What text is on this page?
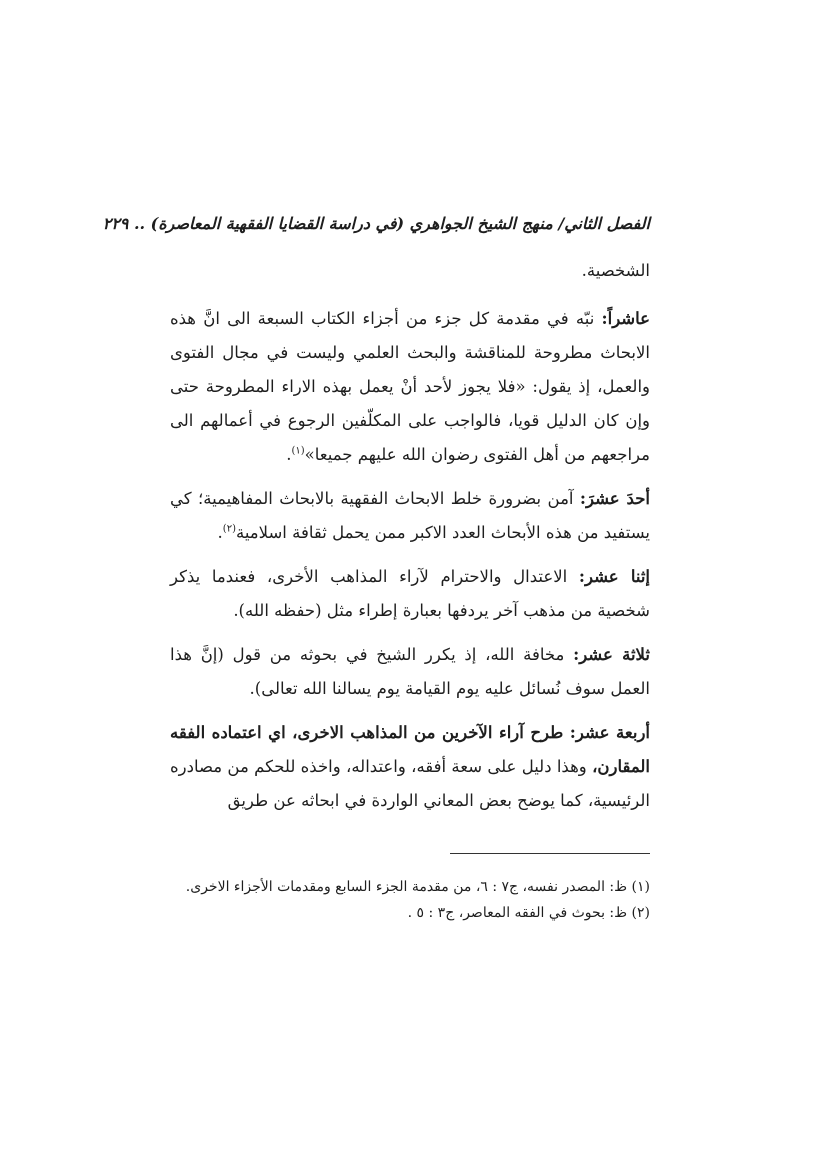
الفصل الثاني/ منهج الشيخ الجواهري (في دراسة القضايا الفقهية المعاصرة) .. ٢٢٩

الشخصية.

عاشراً: نبّه في مقدمة كل جزء من أجزاء الكتاب السبعة الى انَّ هذه الابحاث مطروحة للمناقشة والبحث العلمي وليست في مجال الفتوى والعمل، إذ يقول: «فلا يجوز لأحد أنْ يعمل بهذه الاراء المطروحة حتى وإن كان الدليل قويا، فالواجب على المكلّفين الرجوع في أعمالهم الى مراجعهم من أهل الفتوى رضوان الله عليهم جميعا»$^{(١)}$.

أحدَ عشرَ: آمن بضرورة خلط الابحاث الفقهية بالابحاث المفاهيمية؛ كي يستفيد من هذه الأبحاث العدد الاكبر ممن يحمل ثقافة اسلامية$^{(٢)}$.

إثنا عشر: الاعتدال والاحترام لآراء المذاهب الأخرى، فعندما يذكر شخصية من مذهب آخر يردفها بعبارة إطراء مثل (حفظه الله).

ثلاثة عشر: مخافة الله، إذ يكرر الشيخ في بحوثه من قول (إنَّ هذا العمل سوف نُسائل عليه يوم القيامة يوم يسالنا الله تعالى).

أربعة عشر: طرح آراء الآخرين من المذاهب الاخرى، اي اعتماده الفقه المقارن، وهذا دليل على سعة أفقه، واعتداله، واخذه للحكم من مصادره الرئيسية، كما يوضح بعض المعاني الواردة في ابحاثه عن طريق

(١) ظ: المصدر نفسه، ج٧ : ٦، من مقدمة الجزء السابع ومقدمات الأجزاء الاخرى.
(٢) ظ: بحوث في الفقه المعاصر، ج٣ : ٥ .
